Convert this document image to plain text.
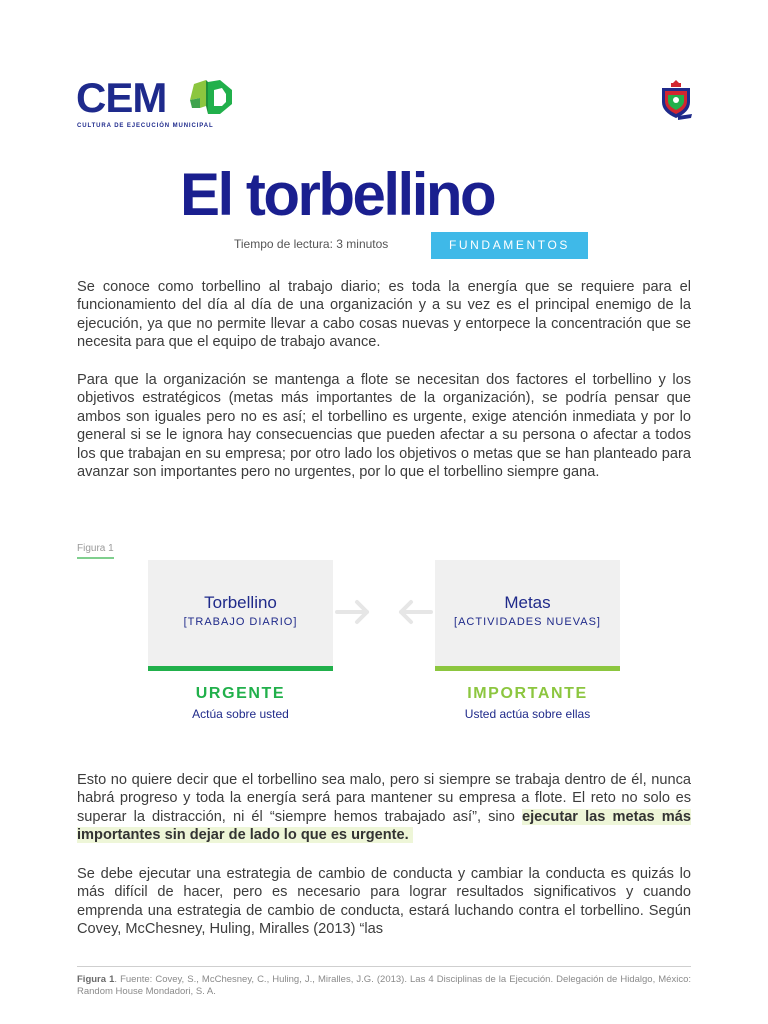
CEM
CULTURA DE EJECUCIÓN MUNICIPAL
El torbellino
Tiempo de lectura: 3 minutos	FUNDAMENTOS

Se conoce como torbellino al trabajo diario; es toda la energía que se requiere para el funcionamiento del día al día de una organización y a su vez es el principal enemigo de la ejecución, ya que no permite llevar a cabo cosas nuevas y entorpece la concentración que se necesita para que el equipo de trabajo avance.

Para que la organización se mantenga a flote se necesitan dos factores el torbellino y los objetivos estratégicos (metas más importantes de la organización), se podría pensar que ambos son iguales pero no es así; el torbellino es urgente, exige atención inmediata y por lo general si se le ignora hay consecuencias que pueden afectar a su persona o afectar a todos los que trabajan en su empresa; por otro lado los objetivos o metas que se han planteado para avanzar son importantes pero no urgentes, por lo que el torbellino siempre gana.

Figura 1
Torbellino
[TRABAJO DIARIO]
Metas
[ACTIVIDADES NUEVAS]
URGENTE
Actúa sobre usted
IMPORTANTE
Usted actúa sobre ellas

Esto no quiere decir que el torbellino sea malo, pero si siempre se trabaja dentro de él, nunca habrá progreso y toda la energía será para mantener su empresa a flote. El reto no solo es superar la distracción, ni él “siempre hemos trabajado así”, sino ejecutar las metas más importantes sin dejar de lado lo que es urgente.

Se debe ejecutar una estrategia de cambio de conducta y cambiar la conducta es quizás lo más difícil de hacer, pero es necesario para lograr resultados significativos y cuando emprenda una estrategia de cambio de conducta, estará luchando contra el torbellino. Según Covey, McChesney, Huling, Miralles (2013) “las

Figura 1. Fuente: Covey, S., McChesney, C., Huling, J., Miralles, J.G. (2013). Las 4 Disciplinas de la Ejecución. Delegación de Hidalgo, México: Random House Mondadori, S. A.
